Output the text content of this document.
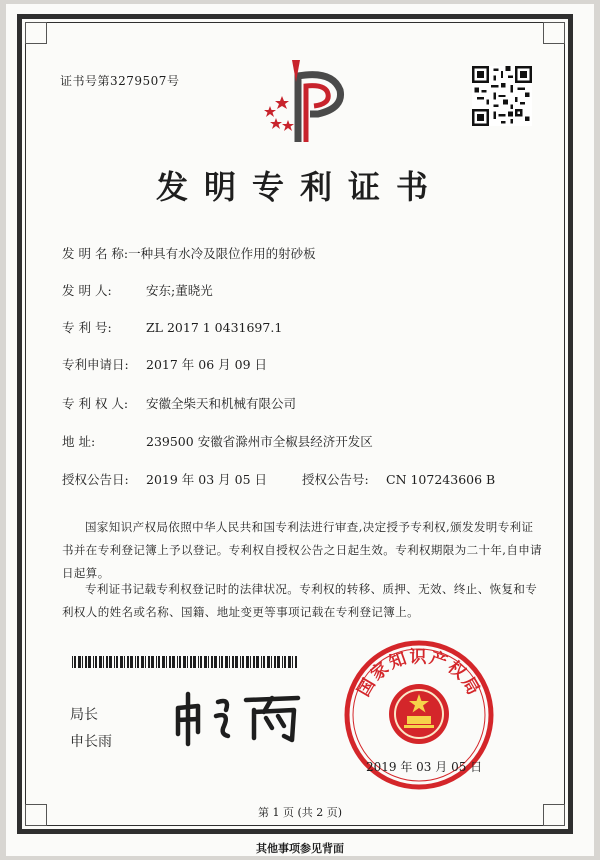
证书号第3279507号
发明专利证书
发 明 名 称:一种具有水冷及限位作用的射砂板
发 明 人:	安东;董晓光
专 利 号:	ZL 2017 1 0431697.1
专利申请日: 2017 年 06 月 09 日
专 利 权 人: 安徽全柴天和机械有限公司
地 址:	239500 安徽省滁州市全椒县经济开发区
授权公告日: 2019 年 03 月 05 日	授权公告号: CN 107243606 B

国家知识产权局依照中华人民共和国专利法进行审查,决定授予专利权,颁发发明专利证书并在专利登记簿上予以登记。专利权自授权公告之日起生效。专利权期限为二十年,自申请日起算。

专利证书记载专利权登记时的法律状况。专利权的转移、质押、无效、终止、恢复和专利权人的姓名或名称、国籍、地址变更等事项记载在专利登记簿上。

局长
申长雨
国家知识产权局
2019 年 03 月 05 日
第 1 页 (共 2 页)
其他事项参见背面
